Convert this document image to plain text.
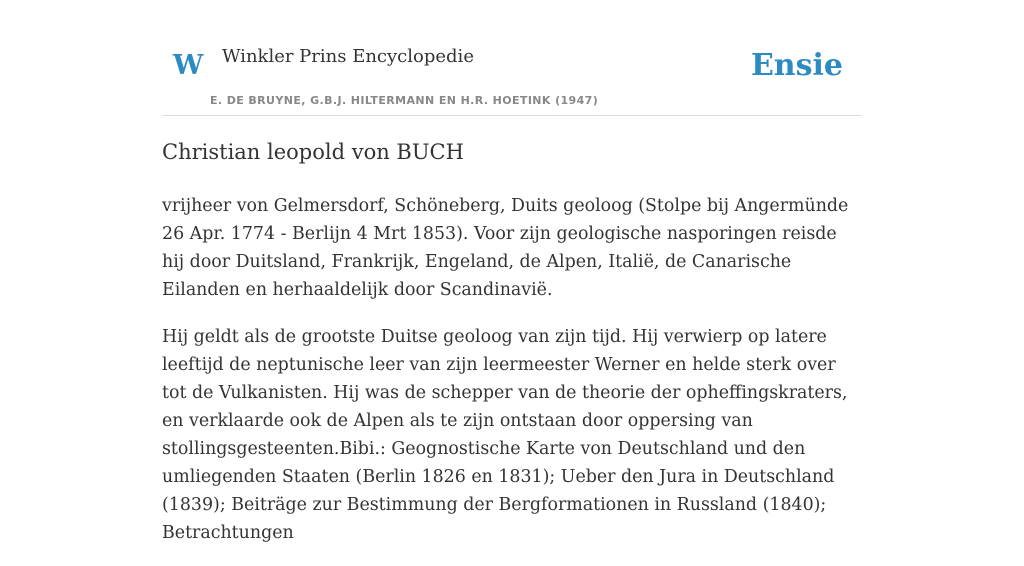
W Winkler Prins Encyclopedie
E. DE BRUYNE, G.B.J. HILTERMANN EN H.R. HOETINK (1947)
Ensie
Christian leopold von BUCH

vrijheer von Gelmersdorf, Schöneberg, Duits geoloog (Stolpe bij Angermünde 26 Apr. 1774 - Berlijn 4 Mrt 1853). Voor zijn geologische nasporingen reisde hij door Duitsland, Frankrijk, Engeland, de Alpen, Italië, de Canarische Eilanden en herhaaldelijk door Scandinavië.

Hij geldt als de grootste Duitse geoloog van zijn tijd. Hij verwierp op latere leeftijd de neptunische leer van zijn leermeester Werner en helde sterk over tot de Vulkanisten. Hij was de schepper van de theorie der opheffingskraters, en verklaarde ook de Alpen als te zijn ontstaan door oppersing van stollingsgesteenten.Bibi.: Geognostische Karte von Deutschland und den umliegenden Staaten (Berlin 1826 en 1831); Ueber den Jura in Deutschland (1839); Beiträge zur Bestimmung der Bergformationen in Russland (1840); Betrachtungen
